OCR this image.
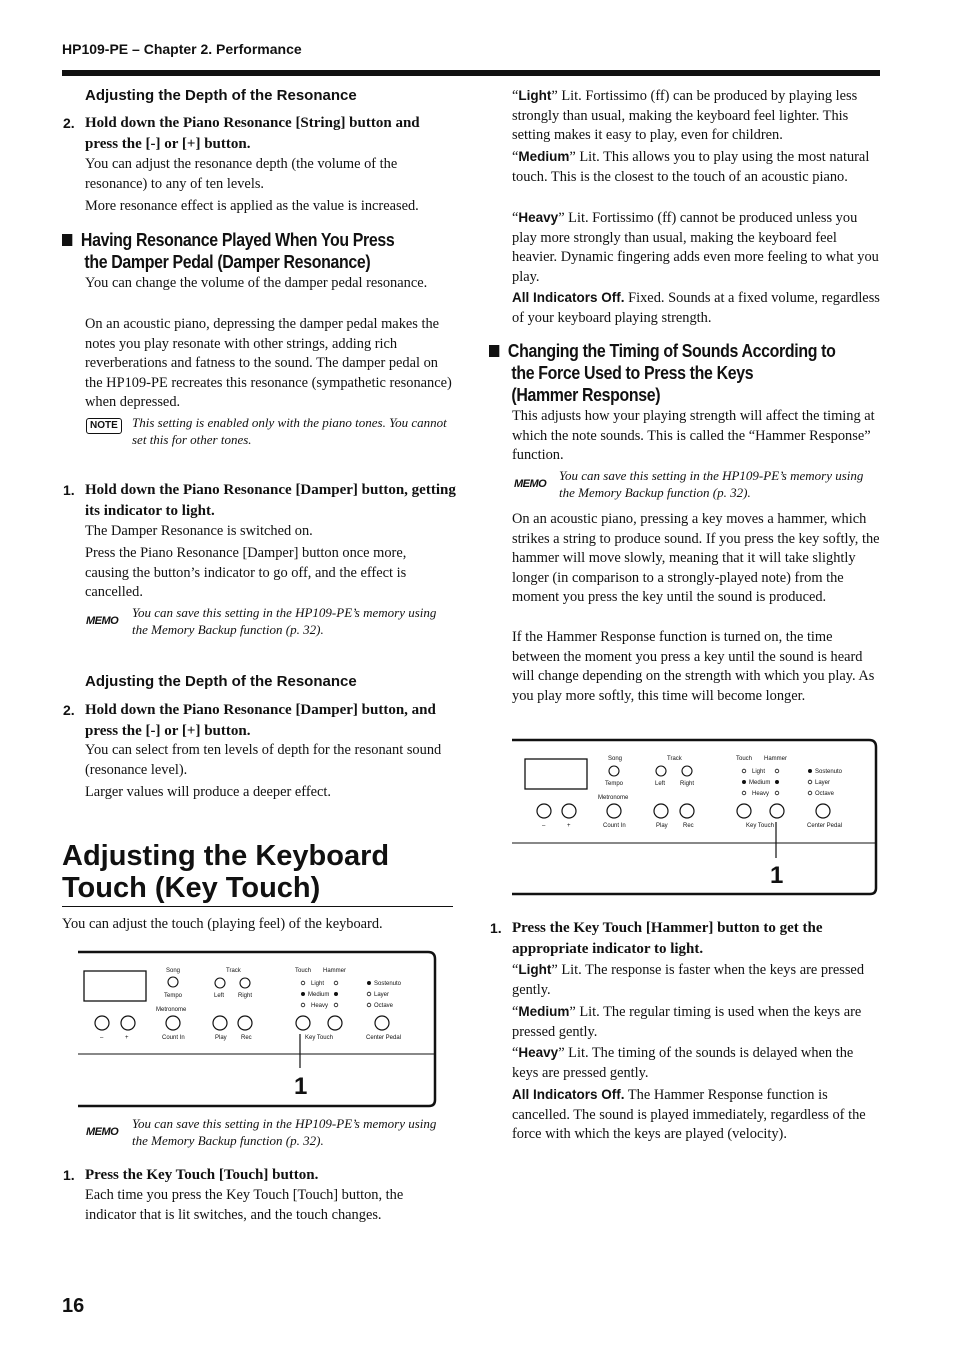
HP109-PE – Chapter 2. Performance
Adjusting the Depth of the Resonance
2. Hold down the Piano Resonance [String] button and press the [-] or [+] button.

You can adjust the resonance depth (the volume of the resonance) to any of ten levels.

More resonance effect is applied as the value is increased.

Having Resonance Played When You Press
the Damper Pedal (Damper Resonance)

You can change the volume of the damper pedal resonance.

On an acoustic piano, depressing the damper pedal makes the notes you play resonate with other strings, adding rich reverberations and fatness to the sound. The damper pedal on the HP109-PE recreates this resonance (sympathetic resonance) when depressed.

NOTE	This setting is enabled only with the piano tones. You cannot set this for other tones.

1. Hold down the Piano Resonance [Damper] button, getting its indicator to light.

The Damper Resonance is switched on.

Press the Piano Resonance [Damper] button once more, causing the button’s indicator to go off, and the effect is cancelled.

MEMO

You can save this setting in the HP109-PE’s memory using the Memory Backup function (p. 32).

Adjusting the Depth of the Resonance
2. Hold down the Piano Resonance [Damper] button, and press the [-] or [+] button.

You can select from ten levels of depth for the resonant sound (resonance level).

Larger values will produce a deeper effect.

Adjusting the Keyboard
Touch (Key Touch)

You can adjust the touch (playing feel) of the keyboard.

–	+
Song
Tempo
Metronome
Count In
Track
Left Right
Play Rec
Touch Hammer
Light
Medium
Heavy
Key Touch
Sostenuto
Layer
Octave
Center Pedal
1
MEMO

You can save this setting in the HP109-PE’s memory using the Memory Backup function (p. 32).

1. Press the Key Touch [Touch] button.

Each time you press the Key Touch [Touch] button, the indicator that is lit switches, and the touch changes.

16

“Light” Lit. Fortissimo (ff) can be produced by playing less strongly than usual, making the keyboard feel lighter. This setting makes it easy to play, even for children.

“Medium” Lit. This allows you to play using the most natural touch. This is the closest to the touch of an acoustic piano.

“Heavy” Lit. Fortissimo (ff) cannot be produced unless you play more strongly than usual, making the keyboard feel heavier. Dynamic fingering adds even more feeling to what you play.

All Indicators Off. Fixed. Sounds at a fixed volume, regardless of your keyboard playing strength.

Changing the Timing of Sounds According to
the Force Used to Press the Keys
(Hammer Response)

This adjusts how your playing strength will affect the timing at which the note sounds. This is called the “Hammer Response” function.

MEMO

You can save this setting in the HP109-PE’s memory using the Memory Backup function (p. 32).

On an acoustic piano, pressing a key moves a hammer, which strikes a string to produce sound. If you press the key softly, the hammer will move slowly, meaning that it will take slightly longer (in comparison to a strongly-played note) from the moment you press the key until the sound is produced.

If the Hammer Response function is turned on, the time between the moment you press a key until the sound is heard will change depending on the strength with which you play. As you play more softly, this time will become longer.

–	+
Song
Tempo
Metronome
Count In
Track
Left Right
Play	Rec
Touch Hammer
Light
Medium
Heavy
Key Touch
Sostenuto
Layer
Octave
Center Pedal
1
1. Press the Key Touch [Hammer] button to get the appropriate indicator to light.

“Light” Lit. The response is faster when the keys are pressed gently.

“Medium” Lit. The regular timing is used when the keys are pressed gently.

“Heavy” Lit. The timing of the sounds is delayed when the keys are pressed gently.

All Indicators Off. The Hammer Response function is cancelled. The sound is played immediately, regardless of the force with which the keys are played (velocity).
